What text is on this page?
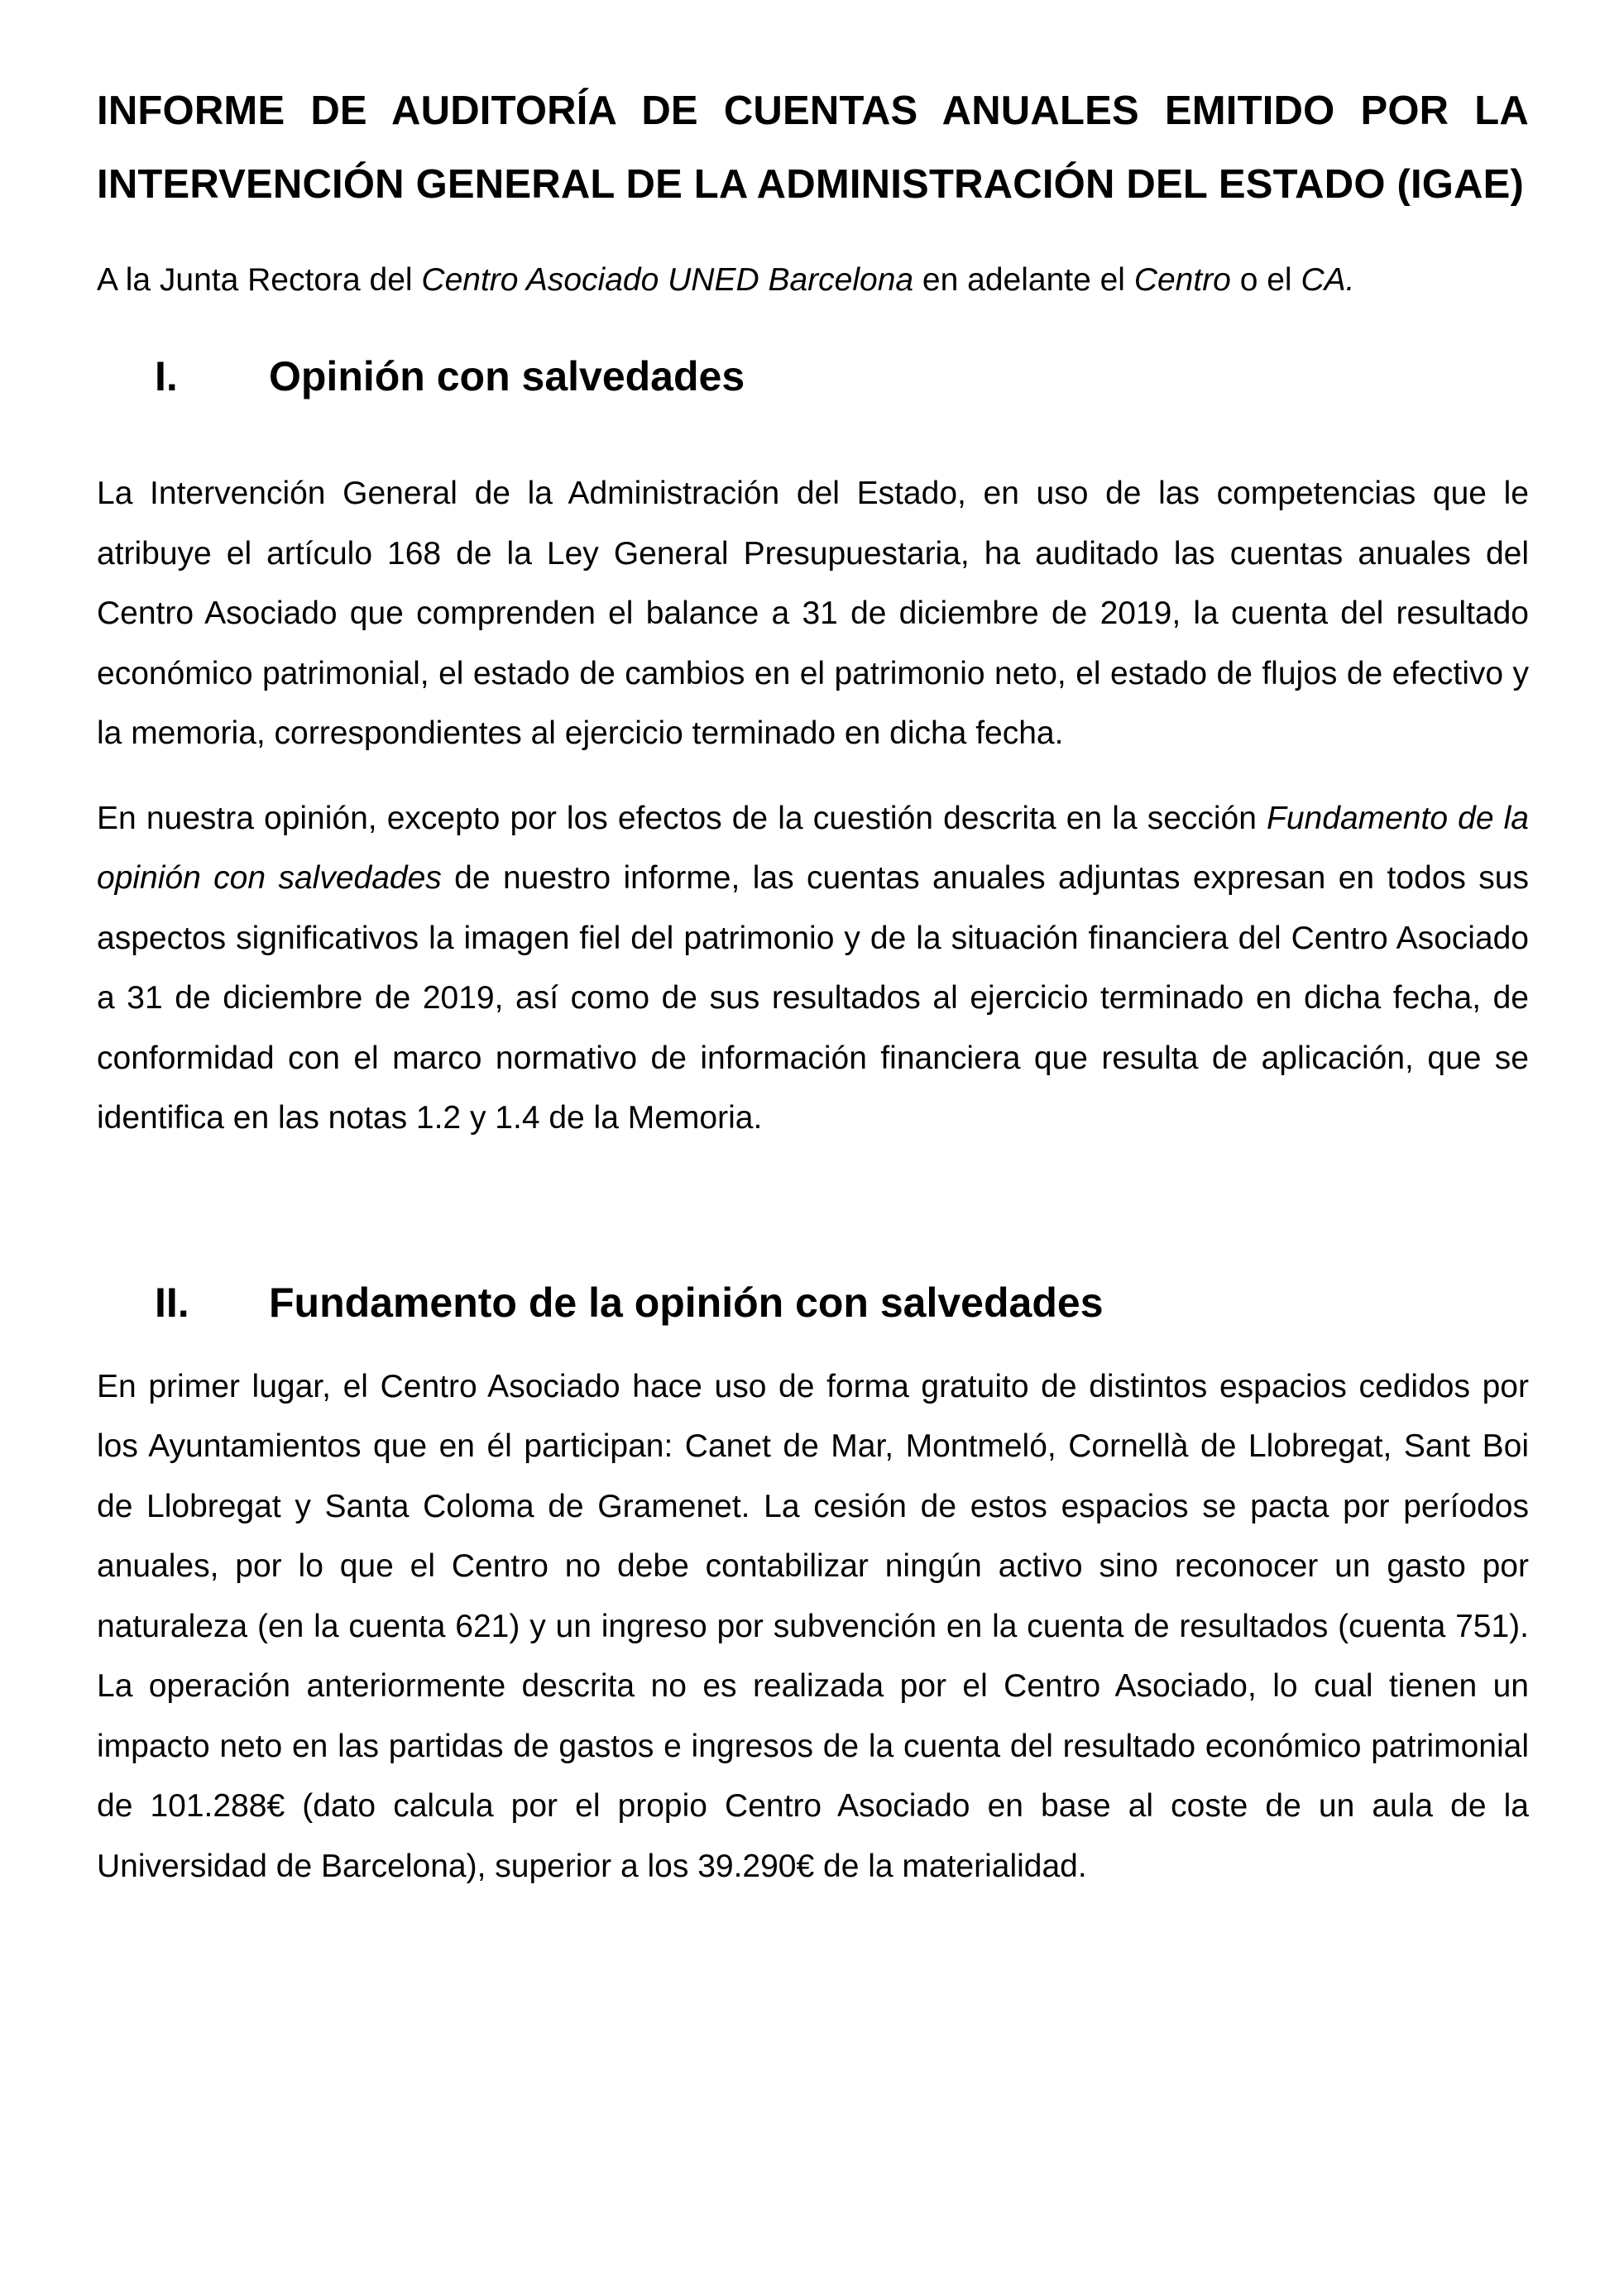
INFORME DE AUDITORÍA DE CUENTAS ANUALES EMITIDO POR LA INTERVENCIÓN GENERAL DE LA ADMINISTRACIÓN DEL ESTADO (IGAE)

A la Junta Rectora del Centro Asociado UNED Barcelona en adelante el Centro o el CA.

I.	Opinión con salvedades

La Intervención General de la Administración del Estado, en uso de las competencias que le atribuye el artículo 168 de la Ley General Presupuestaria, ha auditado las cuentas anuales del Centro Asociado que comprenden el balance a 31 de diciembre de 2019, la cuenta del resultado económico patrimonial, el estado de cambios en el patrimonio neto, el estado de flujos de efectivo y la memoria, correspondientes al ejercicio terminado en dicha fecha.

En nuestra opinión, excepto por los efectos de la cuestión descrita en la sección Fundamento de la opinión con salvedades de nuestro informe, las cuentas anuales adjuntas expresan en todos sus aspectos significativos la imagen fiel del patrimonio y de la situación financiera del Centro Asociado a 31 de diciembre de 2019, así como de sus resultados al ejercicio terminado en dicha fecha, de conformidad con el marco normativo de información financiera que resulta de aplicación, que se identifica en las notas 1.2 y 1.4 de la Memoria.

II.	Fundamento de la opinión con salvedades

En primer lugar, el Centro Asociado hace uso de forma gratuito de distintos espacios cedidos por los Ayuntamientos que en él participan: Canet de Mar, Montmeló, Cornellà de Llobregat, Sant Boi de Llobregat y Santa Coloma de Gramenet. La cesión de estos espacios se pacta por períodos anuales, por lo que el Centro no debe contabilizar ningún activo sino reconocer un gasto por naturaleza (en la cuenta 621) y un ingreso por subvención en la cuenta de resultados (cuenta 751). La operación anteriormente descrita no es realizada por el Centro Asociado, lo cual tienen un impacto neto en las partidas de gastos e ingresos de la cuenta del resultado económico patrimonial de 101.288€ (dato calcula por el propio Centro Asociado en base al coste de un aula de la Universidad de Barcelona), superior a los 39.290€ de la materialidad.
